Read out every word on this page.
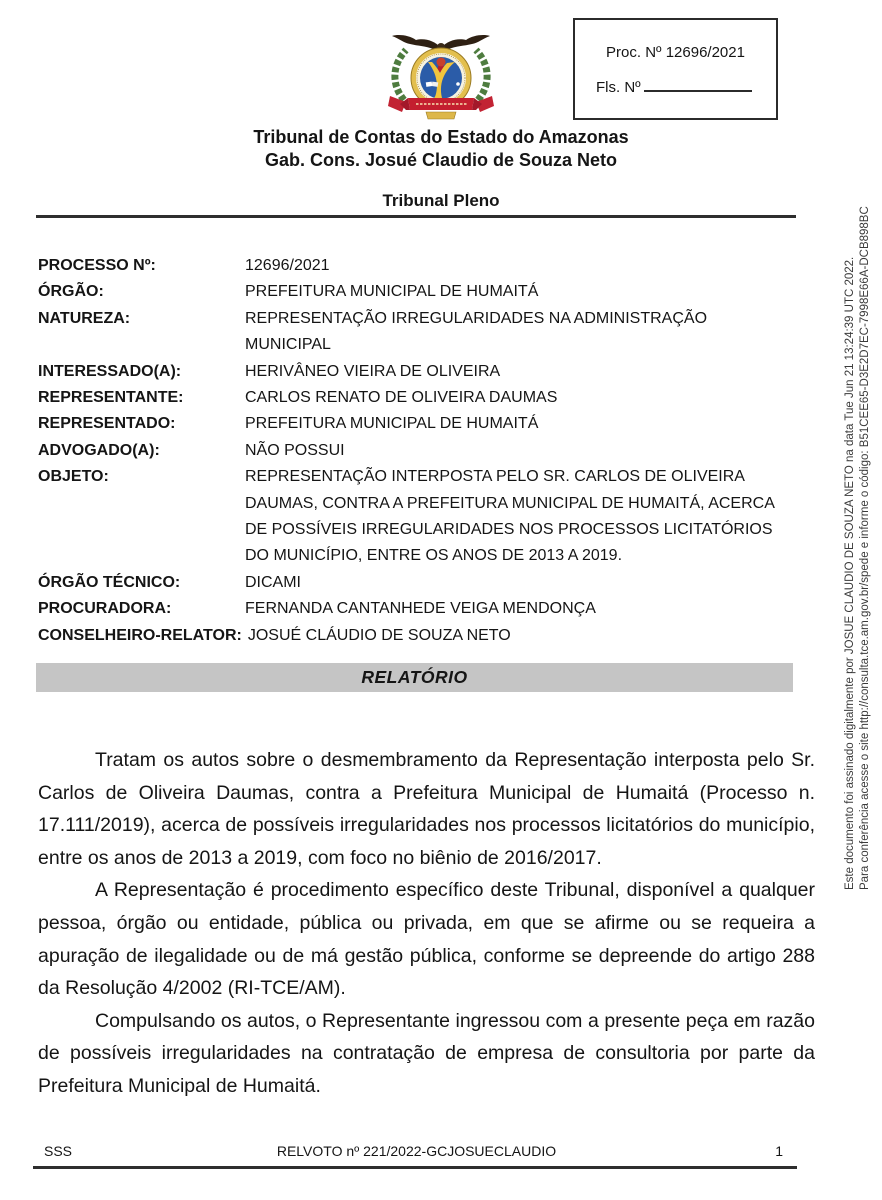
Proc. Nº 12696/2021
Fls. Nº
Tribunal de Contas do Estado do Amazonas
Gab. Cons. Josué Claudio de Souza Neto
Tribunal Pleno
PROCESSO Nº:	12696/2021
ÓRGÃO:	PREFEITURA MUNICIPAL DE HUMAITÁ
NATUREZA:	REPRESENTAÇÃO IRREGULARIDADES NA ADMINISTRAÇÃO MUNICIPAL
INTERESSADO(A):	HERIVÂNEO VIEIRA DE OLIVEIRA
REPRESENTANTE:	CARLOS RENATO DE OLIVEIRA DAUMAS
REPRESENTADO:	PREFEITURA MUNICIPAL DE HUMAITÁ
ADVOGADO(A):	NÃO POSSUI
OBJETO:	REPRESENTAÇÃO INTERPOSTA PELO SR. CARLOS DE OLIVEIRA DAUMAS, CONTRA A PREFEITURA MUNICIPAL DE HUMAITÁ, ACERCA DE POSSÍVEIS IRREGULARIDADES NOS PROCESSOS LICITATÓRIOS DO MUNICÍPIO, ENTRE OS ANOS DE 2013 A 2019.
ÓRGÃO TÉCNICO:	DICAMI
PROCURADORA:	FERNANDA CANTANHEDE VEIGA MENDONÇA
CONSELHEIRO-RELATOR: JOSUÉ CLÁUDIO DE SOUZA NETO
RELATÓRIO

Tratam os autos sobre o desmembramento da Representação interposta pelo Sr. Carlos de Oliveira Daumas, contra a Prefeitura Municipal de Humaitá (Processo n. 17.111/2019), acerca de possíveis irregularidades nos processos licitatórios do município, entre os anos de 2013 a 2019, com foco no biênio de 2016/2017.

A Representação é procedimento específico deste Tribunal, disponível a qualquer pessoa, órgão ou entidade, pública ou privada, em que se afirme ou se requeira a apuração de ilegalidade ou de má gestão pública, conforme se depreende do artigo 288 da Resolução 4/2002 (RI-TCE/AM).

Compulsando os autos, o Representante ingressou com a presente peça em razão de possíveis irregularidades na contratação de empresa de consultoria por parte da Prefeitura Municipal de Humaitá.

SSS	RELVOTO nº 221/2022-GCJOSUECLAUDIO	1
Este documento foi assinado digitalmente por JOSUE CLAUDIO DE SOUZA NETO na data Tue Jun 21 13:24:39 UTC 2022. Para conferência acesse o site http://consulta.tce.am.gov.br/spede e informe o código: B51CEE65-D3E2D7EC-7998E66A-DCB898BC
